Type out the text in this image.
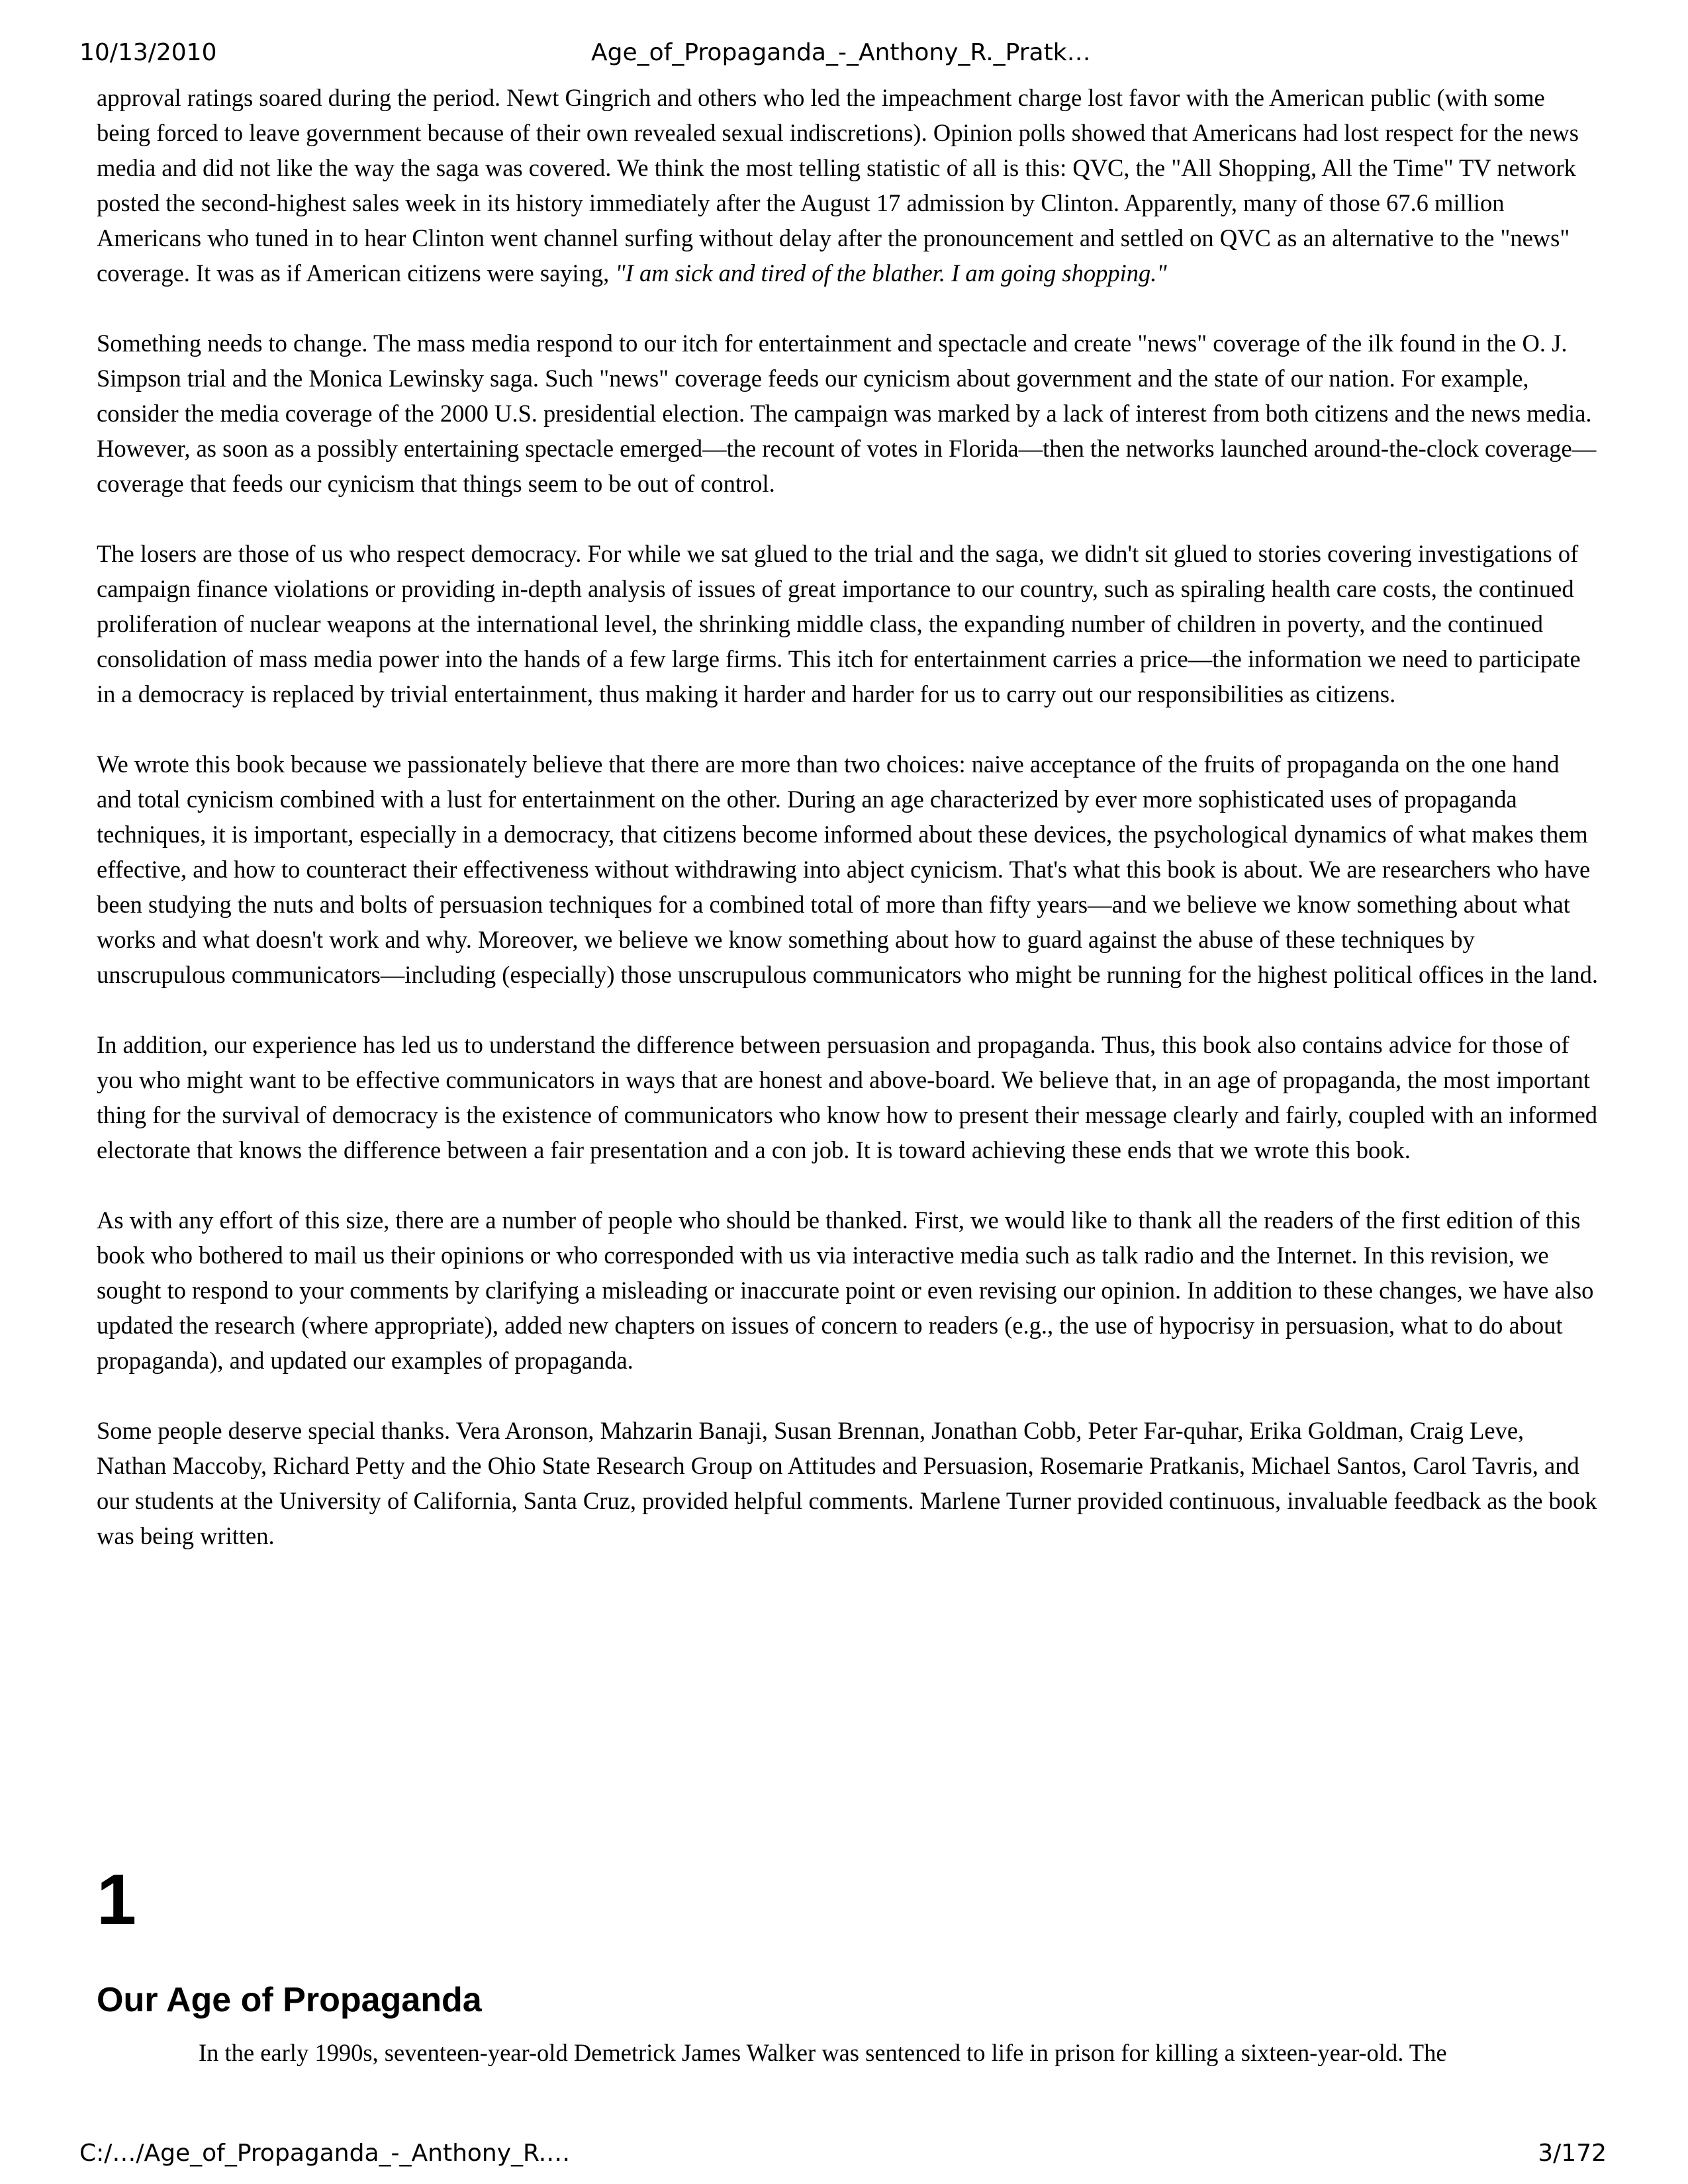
10/13/2010	Age_of_Propaganda_-_Anthony_R._Pratk…

approval ratings soared during the period. Newt Gingrich and others who led the impeachment charge lost favor with the American public (with some being forced to leave government because of their own revealed sexual indiscretions). Opinion polls showed that Americans had lost respect for the news media and did not like the way the saga was covered. We think the most telling statistic of all is this: QVC, the "All Shopping, All the Time" TV network posted the second-highest sales week in its history immediately after the August 17 admission by Clinton. Apparently, many of those 67.6 million Americans who tuned in to hear Clinton went channel surfing without delay after the pronouncement and settled on QVC as an alternative to the "news" coverage. It was as if American citizens were saying, "I am sick and tired of the blather. I am going shopping."

Something needs to change. The mass media respond to our itch for entertainment and spectacle and create "news" coverage of the ilk found in the O. J. Simpson trial and the Monica Lewinsky saga. Such "news" coverage feeds our cynicism about government and the state of our nation. For example, consider the media coverage of the 2000 U.S. presidential election. The campaign was marked by a lack of interest from both citizens and the news media. However, as soon as a possibly entertaining spectacle emerged—the recount of votes in Florida—then the networks launched around-the-clock coverage—coverage that feeds our cynicism that things seem to be out of control.

The losers are those of us who respect democracy. For while we sat glued to the trial and the saga, we didn't sit glued to stories covering investigations of campaign finance violations or providing in-depth analysis of issues of great importance to our country, such as spiraling health care costs, the continued proliferation of nuclear weapons at the international level, the shrinking middle class, the expanding number of children in poverty, and the continued consolidation of mass media power into the hands of a few large firms. This itch for entertainment carries a price—the information we need to participate in a democracy is replaced by trivial entertainment, thus making it harder and harder for us to carry out our responsibilities as citizens.

We wrote this book because we passionately believe that there are more than two choices: naive acceptance of the fruits of propaganda on the one hand and total cynicism combined with a lust for entertainment on the other. During an age characterized by ever more sophisticated uses of propaganda techniques, it is important, especially in a democracy, that citizens become informed about these devices, the psychological dynamics of what makes them effective, and how to counteract their effectiveness without withdrawing into abject cynicism. That's what this book is about. We are researchers who have been studying the nuts and bolts of persuasion techniques for a combined total of more than fifty years—and we believe we know something about what works and what doesn't work and why. Moreover, we believe we know something about how to guard against the abuse of these techniques by unscrupulous communicators—including (especially) those unscrupulous communicators who might be running for the highest political offices in the land.

In addition, our experience has led us to understand the difference between persuasion and propaganda. Thus, this book also contains advice for those of you who might want to be effective communicators in ways that are honest and above-board. We believe that, in an age of propaganda, the most important thing for the survival of democracy is the existence of communicators who know how to present their message clearly and fairly, coupled with an informed electorate that knows the difference between a fair presentation and a con job. It is toward achieving these ends that we wrote this book.

As with any effort of this size, there are a number of people who should be thanked. First, we would like to thank all the readers of the first edition of this book who bothered to mail us their opinions or who corresponded with us via interactive media such as talk radio and the Internet. In this revision, we sought to respond to your comments by clarifying a misleading or inaccurate point or even revising our opinion. In addition to these changes, we have also updated the research (where appropriate), added new chapters on issues of concern to readers (e.g., the use of hypocrisy in persuasion, what to do about propaganda), and updated our examples of propaganda.

Some people deserve special thanks. Vera Aronson, Mahzarin Banaji, Susan Brennan, Jonathan Cobb, Peter Far-quhar, Erika Goldman, Craig Leve, Nathan Maccoby, Richard Petty and the Ohio State Research Group on Attitudes and Persuasion, Rosemarie Pratkanis, Michael Santos, Carol Tavris, and our students at the University of California, Santa Cruz, provided helpful comments. Marlene Turner provided continuous, invaluable feedback as the book was being written.

1
Our Age of Propaganda
In the early 1990s, seventeen-year-old Demetrick James Walker was sentenced to life in prison for killing a sixteen-year-old. The
C:/…/Age_of_Propaganda_-_Anthony_R.…	3/172
